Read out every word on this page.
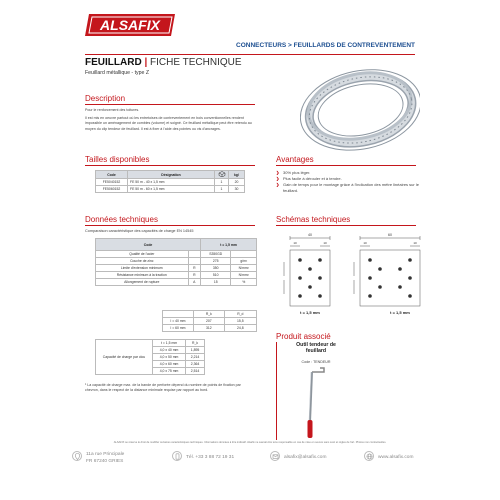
ALSAFIX
CONNECTEURS > FEUILLARDS DE CONTREVENTEMENT
FEUILLARD | FICHE TECHNIQUE
Feuillard métallique - type Z
Description

Pour le renforcement des toitures.

Il est mis en oeuvre partout où les entretoises de contreventement en bois conventionnelles rendent impossible un aménagement de combles (volume) et soigné. Ce feuillard métallique peut être retendu au moyen du clip tendeur de feuillard. Il est à fixer à l'aide des pointes ou vis d'ancrages.

Tailles disponibles
Code	Désignation		kg/
FE5040152	FE 50 m - 40 x 1,5 mm	1	20
FE5060152	FE 50 m - 60 x 1,5 mm	1	30
Avantages
❯ 30% plus léger.
❯ Plus facile à dérouler et à tendre.
❯ Gain de temps pour le montage grâce à l'indication des mètre linéaires sur le feuillard.
Données techniques
Comparaison caractéristique des capacités de charge EN 14545
Code		t = 1,5 mm	
Qualité de l'acier		S350GD	
Couche de zinc		275	g/m²
Limite d'extension minimum	R	350	N/mm²
Résistance minimum à la traction	R	510	N/mm²
Allongement de rupture	A	15	%
	R_k	R_d
l = 40 mm	207	15,5
l = 60 mm	312	24,8
Capacité de charge par clou	t = 1,5 mm	R_k
	4,0 x 40 mm	1,895
	4,0 x 50 mm	2,214
	4,0 x 60 mm	2,364
	4,0 x 75 mm	2,514
¹ La capacité de charge max. de la bande de perforée dépend du nombre de points de fixation par chevron, dans le respect de la distance minimale requise par rapport au bord.
Schémas techniques
40
10	10
t = 1,5 mm
60
10	10
t = 1,5 mm
Produit associé
Outil tendeur de feuillard
Code : TENDEUR
ALSAFIX se réserve le droit de modifier certaines caractéristiques techniques. Informations données à titre indicatif. Alsafix ne saurait être tenu responsable en cas de mise en oeuvre sans suivi et règles de l'art. Photos non contractuelles.
11a rue Principale
FR 67240 GRIES
Tél. +33 3 88 72 19 31	alsafix@alsafix.com	www.alsafix.com
